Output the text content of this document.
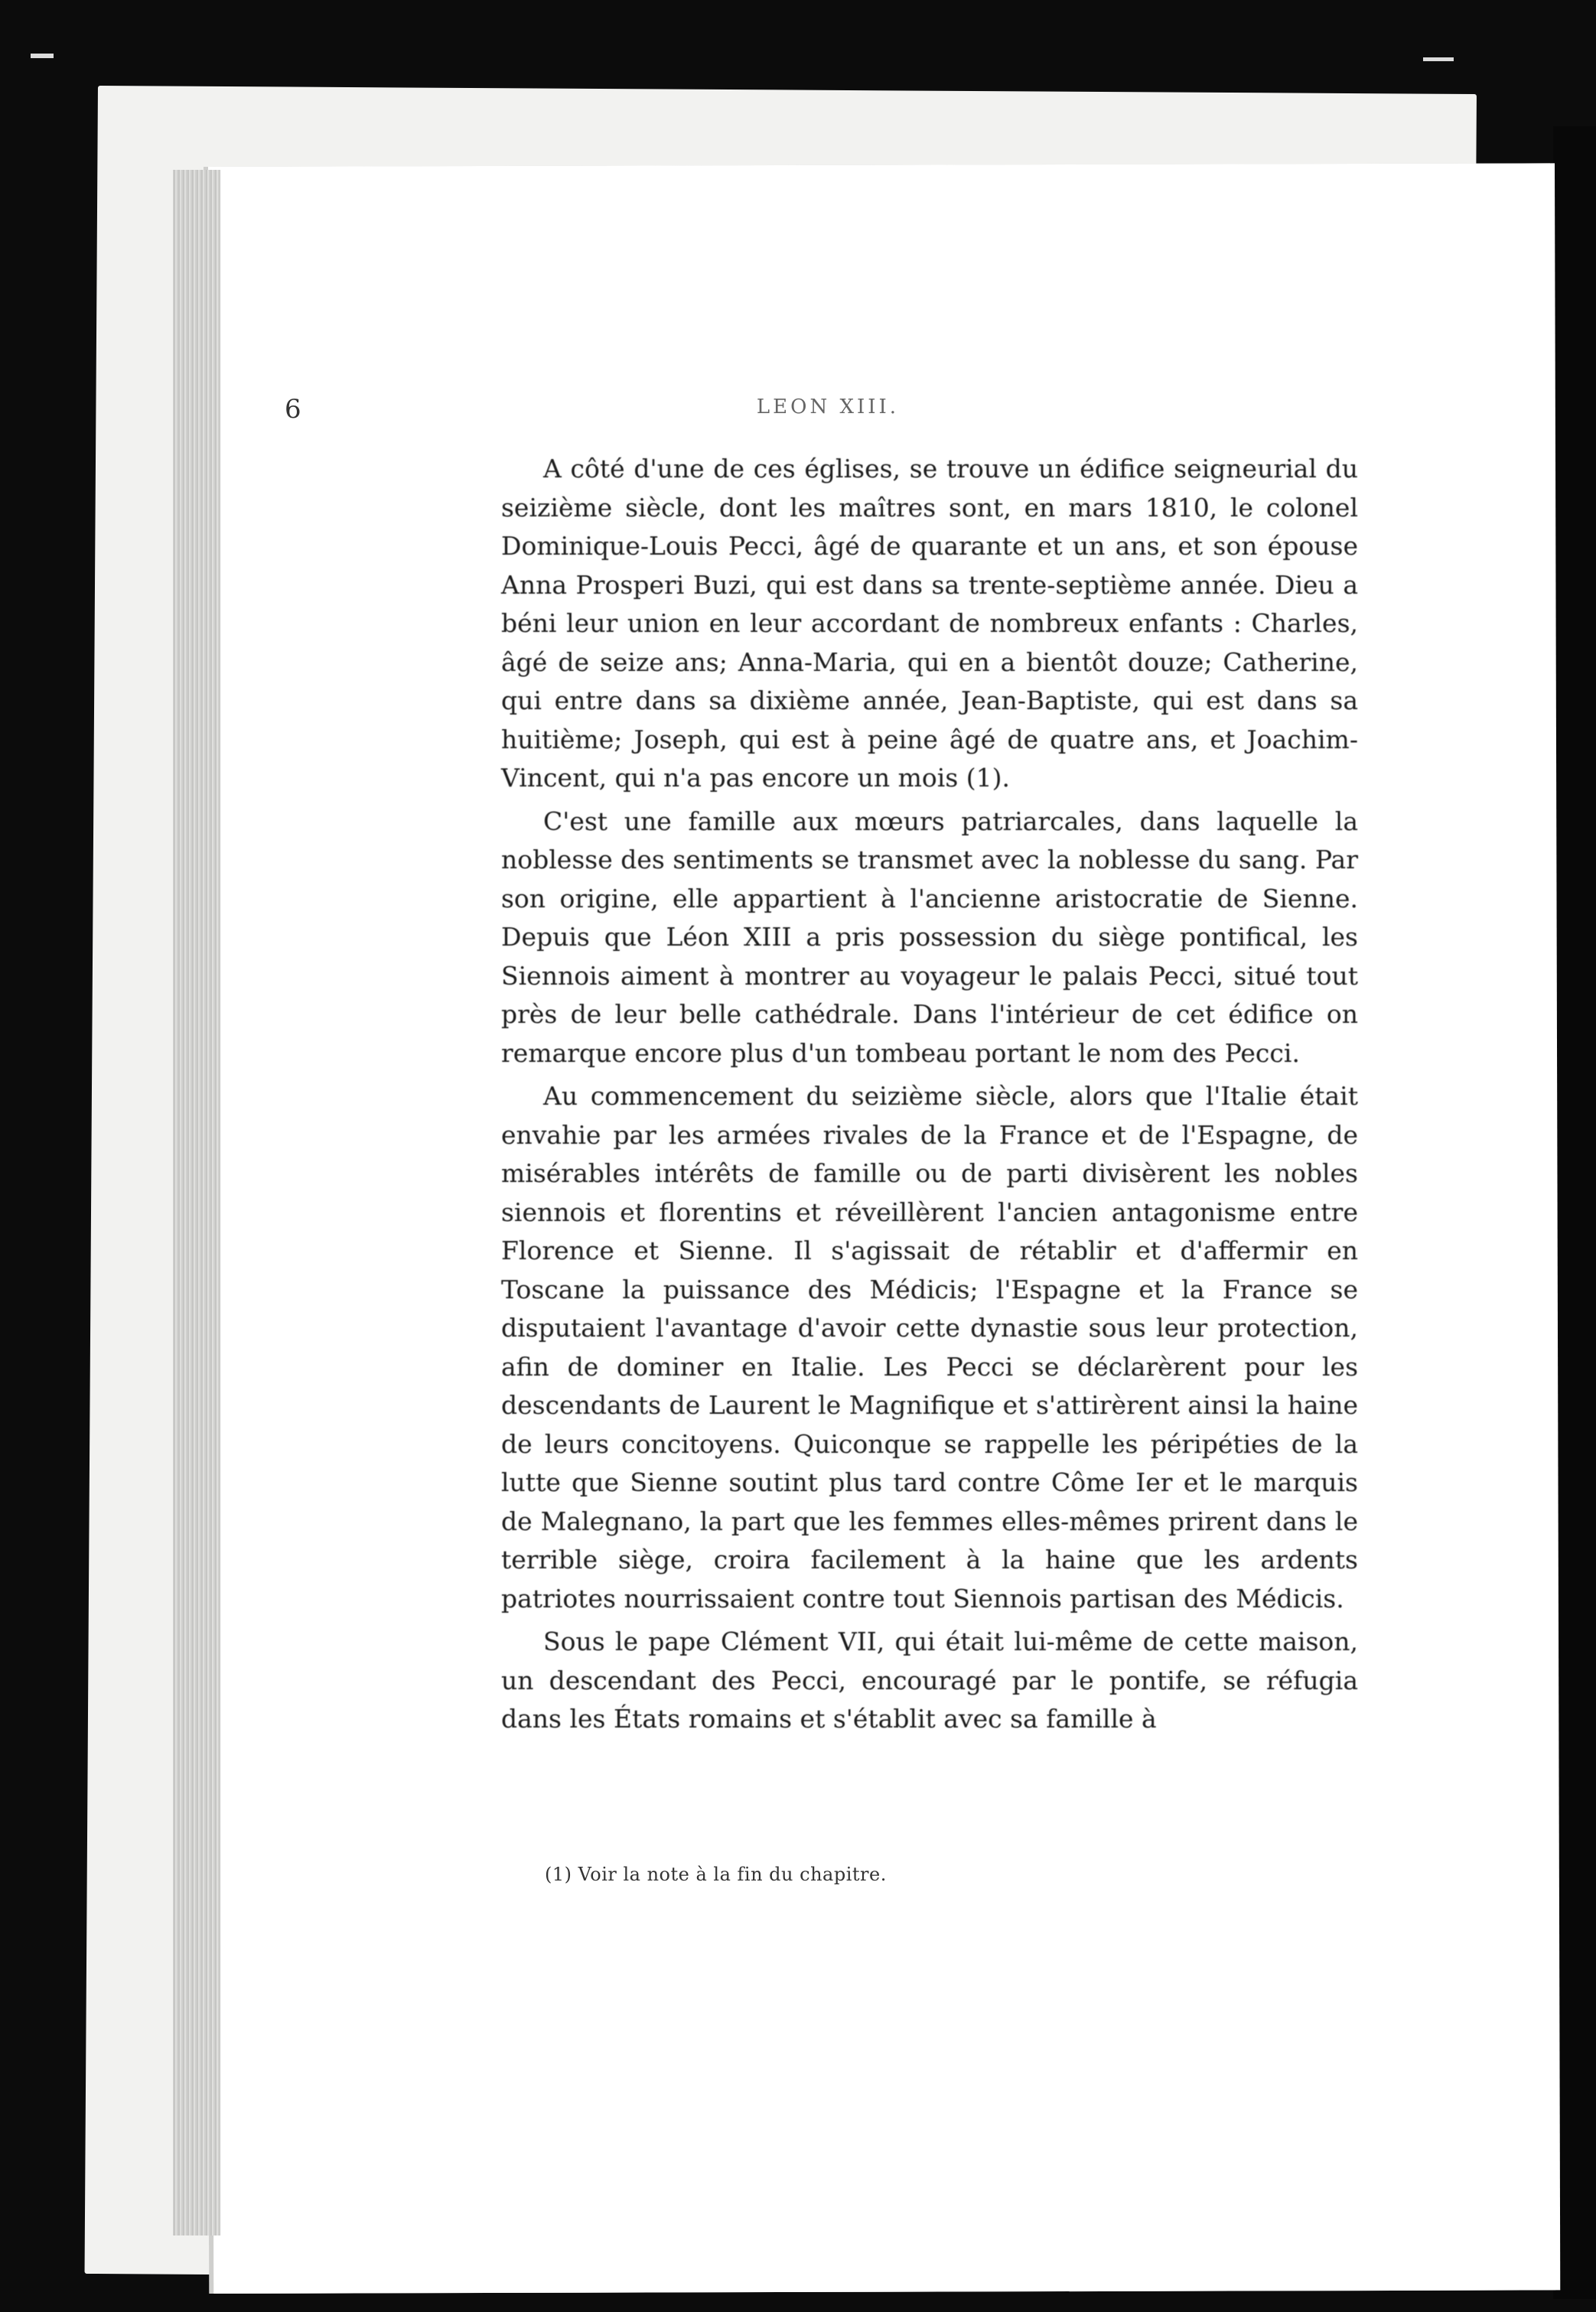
6	LEON XIII.

A côté d'une de ces églises, se trouve un édifice seigneurial du seizième siècle, dont les maîtres sont, en mars 1810, le colonel Dominique-Louis Pecci, âgé de quarante et un ans, et son épouse Anna Prosperi Buzi, qui est dans sa trente-septième année. Dieu a béni leur union en leur accordant de nombreux enfants : Charles, âgé de seize ans; Anna-Maria, qui en a bientôt douze; Catherine, qui entre dans sa dixième année, Jean-Baptiste, qui est dans sa huitième; Joseph, qui est à peine âgé de quatre ans, et Joachim-Vincent, qui n'a pas encore un mois (1).

C'est une famille aux mœurs patriarcales, dans laquelle la noblesse des sentiments se transmet avec la noblesse du sang. Par son origine, elle appartient à l'ancienne aristocratie de Sienne. Depuis que Léon XIII a pris possession du siège pontifical, les Siennois aiment à montrer au voyageur le palais Pecci, situé tout près de leur belle cathédrale. Dans l'intérieur de cet édifice on remarque encore plus d'un tombeau portant le nom des Pecci.

Au commencement du seizième siècle, alors que l'Italie était envahie par les armées rivales de la France et de l'Espagne, de misérables intérêts de famille ou de parti divisèrent les nobles siennois et florentins et réveillèrent l'ancien antagonisme entre Florence et Sienne. Il s'agissait de rétablir et d'affermir en Toscane la puissance des Médicis; l'Espagne et la France se disputaient l'avantage d'avoir cette dynastie sous leur protection, afin de dominer en Italie. Les Pecci se déclarèrent pour les descendants de Laurent le Magnifique et s'attirèrent ainsi la haine de leurs concitoyens. Quiconque se rappelle les péripéties de la lutte que Sienne soutint plus tard contre Côme Ier et le marquis de Malegnano, la part que les femmes elles-mêmes prirent dans le terrible siège, croira facilement à la haine que les ardents patriotes nourrissaient contre tout Siennois partisan des Médicis.

Sous le pape Clément VII, qui était lui-même de cette maison, un descendant des Pecci, encouragé par le pontife, se réfugia dans les États romains et s'établit avec sa famille à

(1) Voir la note à la fin du chapitre.
